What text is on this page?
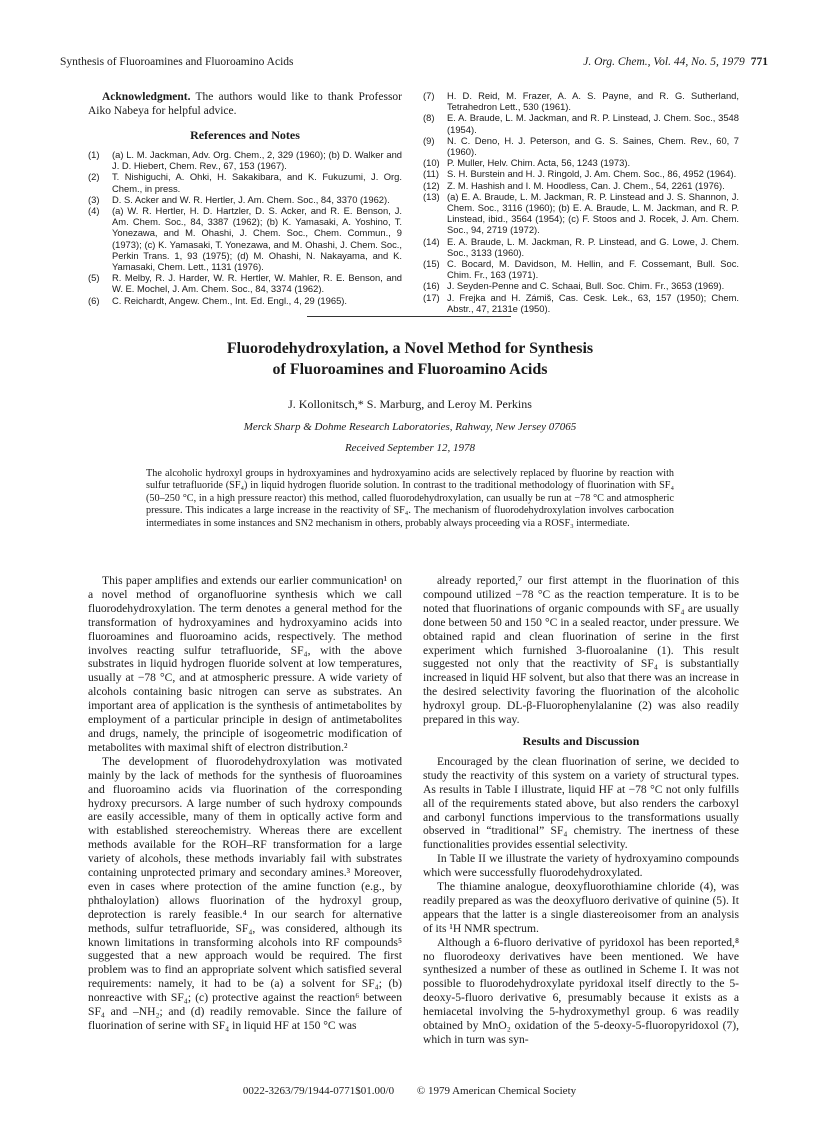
Synthesis of Fluoroamines and Fluoroamino Acids	J. Org. Chem., Vol. 44, No. 5, 1979 771

Acknowledgment. The authors would like to thank Professor Aiko Nabeya for helpful advice.

References and Notes
(1)	(a) L. M. Jackman, Adv. Org. Chem., 2, 329 (1960); (b) D. Walker and J. D. Hiebert, Chem. Rev., 67, 153 (1967).
(2)	T. Nishiguchi, A. Ohki, H. Sakakibara, and K. Fukuzumi, J. Org. Chem., in press.
(3)	D. S. Acker and W. R. Hertler, J. Am. Chem. Soc., 84, 3370 (1962).
(4)	(a) W. R. Hertler, H. D. Hartzler, D. S. Acker, and R. E. Benson, J. Am. Chem. Soc., 84, 3387 (1962); (b) K. Yamasaki, A. Yoshino, T. Yonezawa, and M. Ohashi, J. Chem. Soc., Chem. Commun., 9 (1973); (c) K. Yamasaki, T. Yonezawa, and M. Ohashi, J. Chem. Soc., Perkin Trans. 1, 93 (1975); (d) M. Ohashi, N. Nakayama, and K. Yamasaki, Chem. Lett., 1131 (1976).
(5)	R. Melby, R. J. Harder, W. R. Hertler, W. Mahler, R. E. Benson, and W. E. Mochel, J. Am. Chem. Soc., 84, 3374 (1962).
(6)	C. Reichardt, Angew. Chem., Int. Ed. Engl., 4, 29 (1965).
(7)	H. D. Reid, M. Frazer, A. A. S. Payne, and R. G. Sutherland, Tetrahedron Lett., 530 (1961).
(8)	E. A. Braude, L. M. Jackman, and R. P. Linstead, J. Chem. Soc., 3548 (1954).
(9)	N. C. Deno, H. J. Peterson, and G. S. Saines, Chem. Rev., 60, 7 (1960).
(10) P. Muller, Helv. Chim. Acta, 56, 1243 (1973).
(11) S. H. Burstein and H. J. Ringold, J. Am. Chem. Soc., 86, 4952 (1964).
(12) Z. M. Hashish and I. M. Hoodless, Can. J. Chem., 54, 2261 (1976).
(13) (a) E. A. Braude, L. M. Jackman, R. P. Linstead and J. S. Shannon, J. Chem. Soc., 3116 (1960); (b) E. A. Braude, L. M. Jackman, and R. P. Linstead, ibid., 3564 (1954); (c) F. Stoos and J. Rocek, J. Am. Chem. Soc., 94, 2719 (1972).
(14) E. A. Braude, L. M. Jackman, R. P. Linstead, and G. Lowe, J. Chem. Soc., 3133 (1960).
(15) C. Bocard, M. Davidson, M. Hellin, and F. Cossemant, Bull. Soc. Chim. Fr., 163 (1971).
(16) J. Seyden-Penne and C. Schaai, Bull. Soc. Chim. Fr., 3653 (1969).
(17) J. Frejka and H. Zámiš, Cas. Cesk. Lek., 63, 157 (1950); Chem. Abstr., 47, 2131e (1950).
Fluorodehydroxylation, a Novel Method for Synthesis
of Fluoroamines and Fluoroamino Acids
J. Kollonitsch,* S. Marburg, and Leroy M. Perkins
Merck Sharp & Dohme Research Laboratories, Rahway, New Jersey 07065
Received September 12, 1978
The alcoholic hydroxyl groups in hydroxyamines and hydroxyamino acids are selectively replaced by fluorine by reaction with sulfur tetrafluoride (SF₄) in liquid hydrogen fluoride solution. In contrast to the traditional methodology of fluorination with SF₄ (50–250 °C, in a high pressure reactor) this method, called fluorodehydroxylation, can usually be run at −78 °C and atmospheric pressure. This indicates a large increase in the reactivity of SF₄. The mechanism of fluorodehydroxylation involves carbocation intermediates in some instances and SN2 mechanism in others, probably always proceeding via a ROSF₃ intermediate.

This paper amplifies and extends our earlier communication¹ on a novel method of organofluorine synthesis which we call fluorodehydroxylation. The term denotes a general method for the transformation of hydroxyamines and hydroxyamino acids into fluoroamines and fluoroamino acids, respectively. The method involves reacting sulfur tetrafluoride, SF₄, with the above substrates in liquid hydrogen fluoride solvent at low temperatures, usually at −78 °C, and at atmospheric pressure. A wide variety of alcohols containing basic nitrogen can serve as substrates. An important area of application is the synthesis of antimetabolites by employment of a particular principle in design of antimetabolites and drugs, namely, the principle of isogeometric modification of metabolites with maximal shift of electron distribution.²

The development of fluorodehydroxylation was motivated mainly by the lack of methods for the synthesis of fluoroamines and fluoroamino acids via fluorination of the corresponding hydroxy precursors. A large number of such hydroxy compounds are easily accessible, many of them in optically active form and with established stereochemistry. Whereas there are excellent methods available for the ROH–RF transformation for a large variety of alcohols, these methods invariably fail with substrates containing unprotected primary and secondary amines.³ Moreover, even in cases where protection of the amine function (e.g., by phthaloylation) allows fluorination of the hydroxyl group, deprotection is rarely feasible.⁴ In our search for alternative methods, sulfur tetrafluoride, SF₄, was considered, although its known limitations in transforming alcohols into RF compounds⁵ suggested that a new approach would be required. The first problem was to find an appropriate solvent which satisfied several requirements: namely, it had to be (a) a solvent for SF₄; (b) nonreactive with SF₄; (c) protective against the reaction⁶ between SF₄ and –NH₂; and (d) readily removable. Since the failure of fluorination of serine with SF₄ in liquid HF at 150 °C was

already reported,⁷ our first attempt in the fluorination of this compound utilized −78 °C as the reaction temperature. It is to be noted that fluorinations of organic compounds with SF₄ are usually done between 50 and 150 °C in a sealed reactor, under pressure. We obtained rapid and clean fluorination of serine in the first experiment which furnished 3-fluoroalanine (1). This result suggested not only that the reactivity of SF₄ is substantially increased in liquid HF solvent, but also that there was an increase in the desired selectivity favoring the fluorination of the alcoholic hydroxyl group. DL-β-Fluorophenylalanine (2) was also readily prepared in this way.

Results and Discussion

Encouraged by the clean fluorination of serine, we decided to study the reactivity of this system on a variety of structural types. As results in Table I illustrate, liquid HF at −78 °C not only fulfills all of the requirements stated above, but also renders the carboxyl and carbonyl functions impervious to the transformations usually observed in “traditional” SF₄ chemistry. The inertness of these functionalities provides essential selectivity.

In Table II we illustrate the variety of hydroxyamino compounds which were successfully fluorodehydroxylated.

The thiamine analogue, deoxyfluorothiamine chloride (4), was readily prepared as was the deoxyfluoro derivative of quinine (5). It appears that the latter is a single diastereoisomer from an analysis of its ¹H NMR spectrum.

Although a 6-fluoro derivative of pyridoxol has been reported,⁸ no fluorodeoxy derivatives have been mentioned. We have synthesized a number of these as outlined in Scheme I. It was not possible to fluorodehydroxylate pyridoxal itself directly to the 5-deoxy-5-fluoro derivative 6, presumably because it exists as a hemiacetal involving the 5-hydroxymethyl group. 6 was readily obtained by MnO₂ oxidation of the 5-deoxy-5-fluoropyridoxol (7), which in turn was syn-

0022-3263/79/1944-0771$01.00/0 © 1979 American Chemical Society
